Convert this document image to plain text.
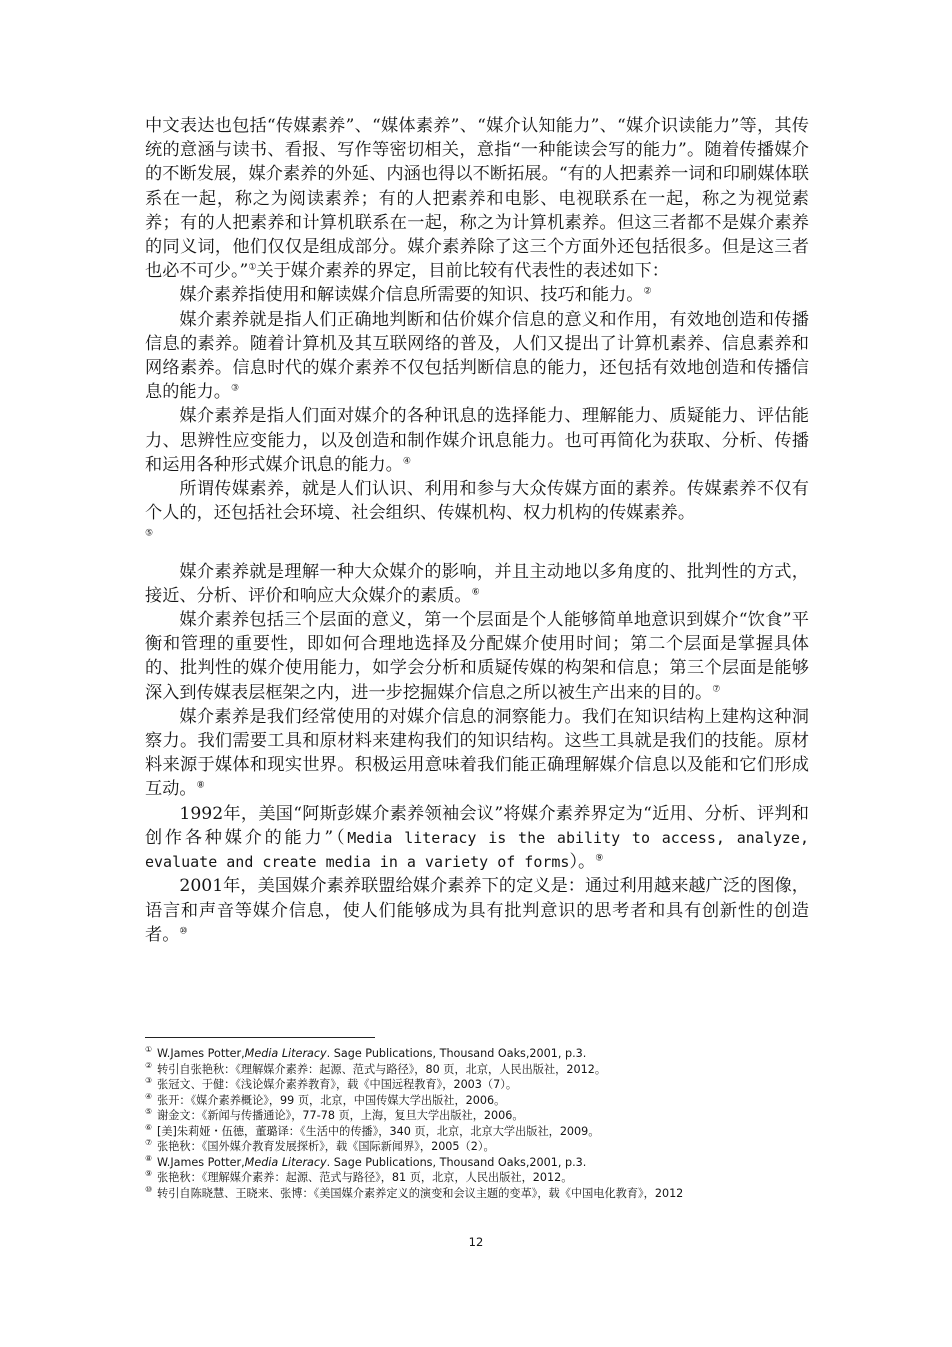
中文表达也包括“传媒素养”、“媒体素养”、“媒介认知能力”、“媒介识读能力”等，其传统的意涵与读书、看报、写作等密切相关，意指“一种能读会写的能力”。随着传播媒介的不断发展，媒介素养的外延、内涵也得以不断拓展。“有的人把素养一词和印刷媒体联系在一起，称之为阅读素养；有的人把素养和电影、电视联系在一起，称之为视觉素养；有的人把素养和计算机联系在一起，称之为计算机素养。但这三者都不是媒介素养的同义词，他们仅仅是组成部分。媒介素养除了这三个方面外还包括很多。但是这三者也必不可少。”①关于媒介素养的界定，目前比较有代表性的表述如下：

媒介素养指使用和解读媒介信息所需要的知识、技巧和能力。②

媒介素养就是指人们正确地判断和估价媒介信息的意义和作用，有效地创造和传播信息的素养。随着计算机及其互联网络的普及，人们又提出了计算机素养、信息素养和网络素养。信息时代的媒介素养不仅包括判断信息的能力，还包括有效地创造和传播信息的能力。③

媒介素养是指人们面对媒介的各种讯息的选择能力、理解能力、质疑能力、评估能力、思辨性应变能力，以及创造和制作媒介讯息能力。也可再简化为获取、分析、传播和运用各种形式媒介讯息的能力。④

所谓传媒素养，就是人们认识、利用和参与大众传媒方面的素养。传媒素养不仅有个人的，还包括社会环境、社会组织、传媒机构、权力机构的传媒素养。
⑤

媒介素养就是理解一种大众媒介的影响，并且主动地以多角度的、批判性的方式，接近、分析、评价和响应大众媒介的素质。⑥

媒介素养包括三个层面的意义，第一个层面是个人能够简单地意识到媒介“饮食”平衡和管理的重要性，即如何合理地选择及分配媒介使用时间；第二个层面是掌握具体的、批判性的媒介使用能力，如学会分析和质疑传媒的构架和信息；第三个层面是能够深入到传媒表层框架之内，进一步挖掘媒介信息之所以被生产出来的目的。⑦

媒介素养是我们经常使用的对媒介信息的洞察能力。我们在知识结构上建构这种洞察力。我们需要工具和原材料来建构我们的知识结构。这些工具就是我们的技能。原材料来源于媒体和现实世界。积极运用意味着我们能正确理解媒介信息以及能和它们形成互动。⑧

1992年，美国“阿斯彭媒介素养领袖会议”将媒介素养界定为“近用、分析、评判和创作各种媒介的能力”（Media literacy is the ability to access, analyze, evaluate and create media in a variety of forms）。⑨

2001年，美国媒介素养联盟给媒介素养下的定义是：通过利用越来越广泛的图像，语言和声音等媒介信息，使人们能够成为具有批判意识的思考者和具有创新性的创造者。⑩

① W.James Potter,Media Literacy. Sage Publications, Thousand Oaks,2001, p.3.
② 转引自张艳秋：《理解媒介素养：起源、范式与路径》，80 页，北京，人民出版社，2012。
③ 张冠文、于健：《浅论媒介素养教育》，载《中国远程教育》，2003（7）。
④ 张开：《媒介素养概论》，99 页，北京，中国传媒大学出版社，2006。
⑤ 谢金文：《新闻与传播通论》，77-78 页，上海，复旦大学出版社，2006。
⑥ [美]朱莉娅・伍德，董璐译：《生活中的传播》，340 页，北京，北京大学出版社，2009。
⑦ 张艳秋：《国外媒介教育发展探析》，载《国际新闻界》，2005（2）。
⑧ W.James Potter,Media Literacy. Sage Publications, Thousand Oaks,2001, p.3.
⑨ 张艳秋：《理解媒介素养：起源、范式与路径》，81 页，北京，人民出版社，2012。
⑩ 转引自陈晓慧、王晓来、张博：《美国媒介素养定义的演变和会议主题的变革》，载《中国电化教育》，2012
12
